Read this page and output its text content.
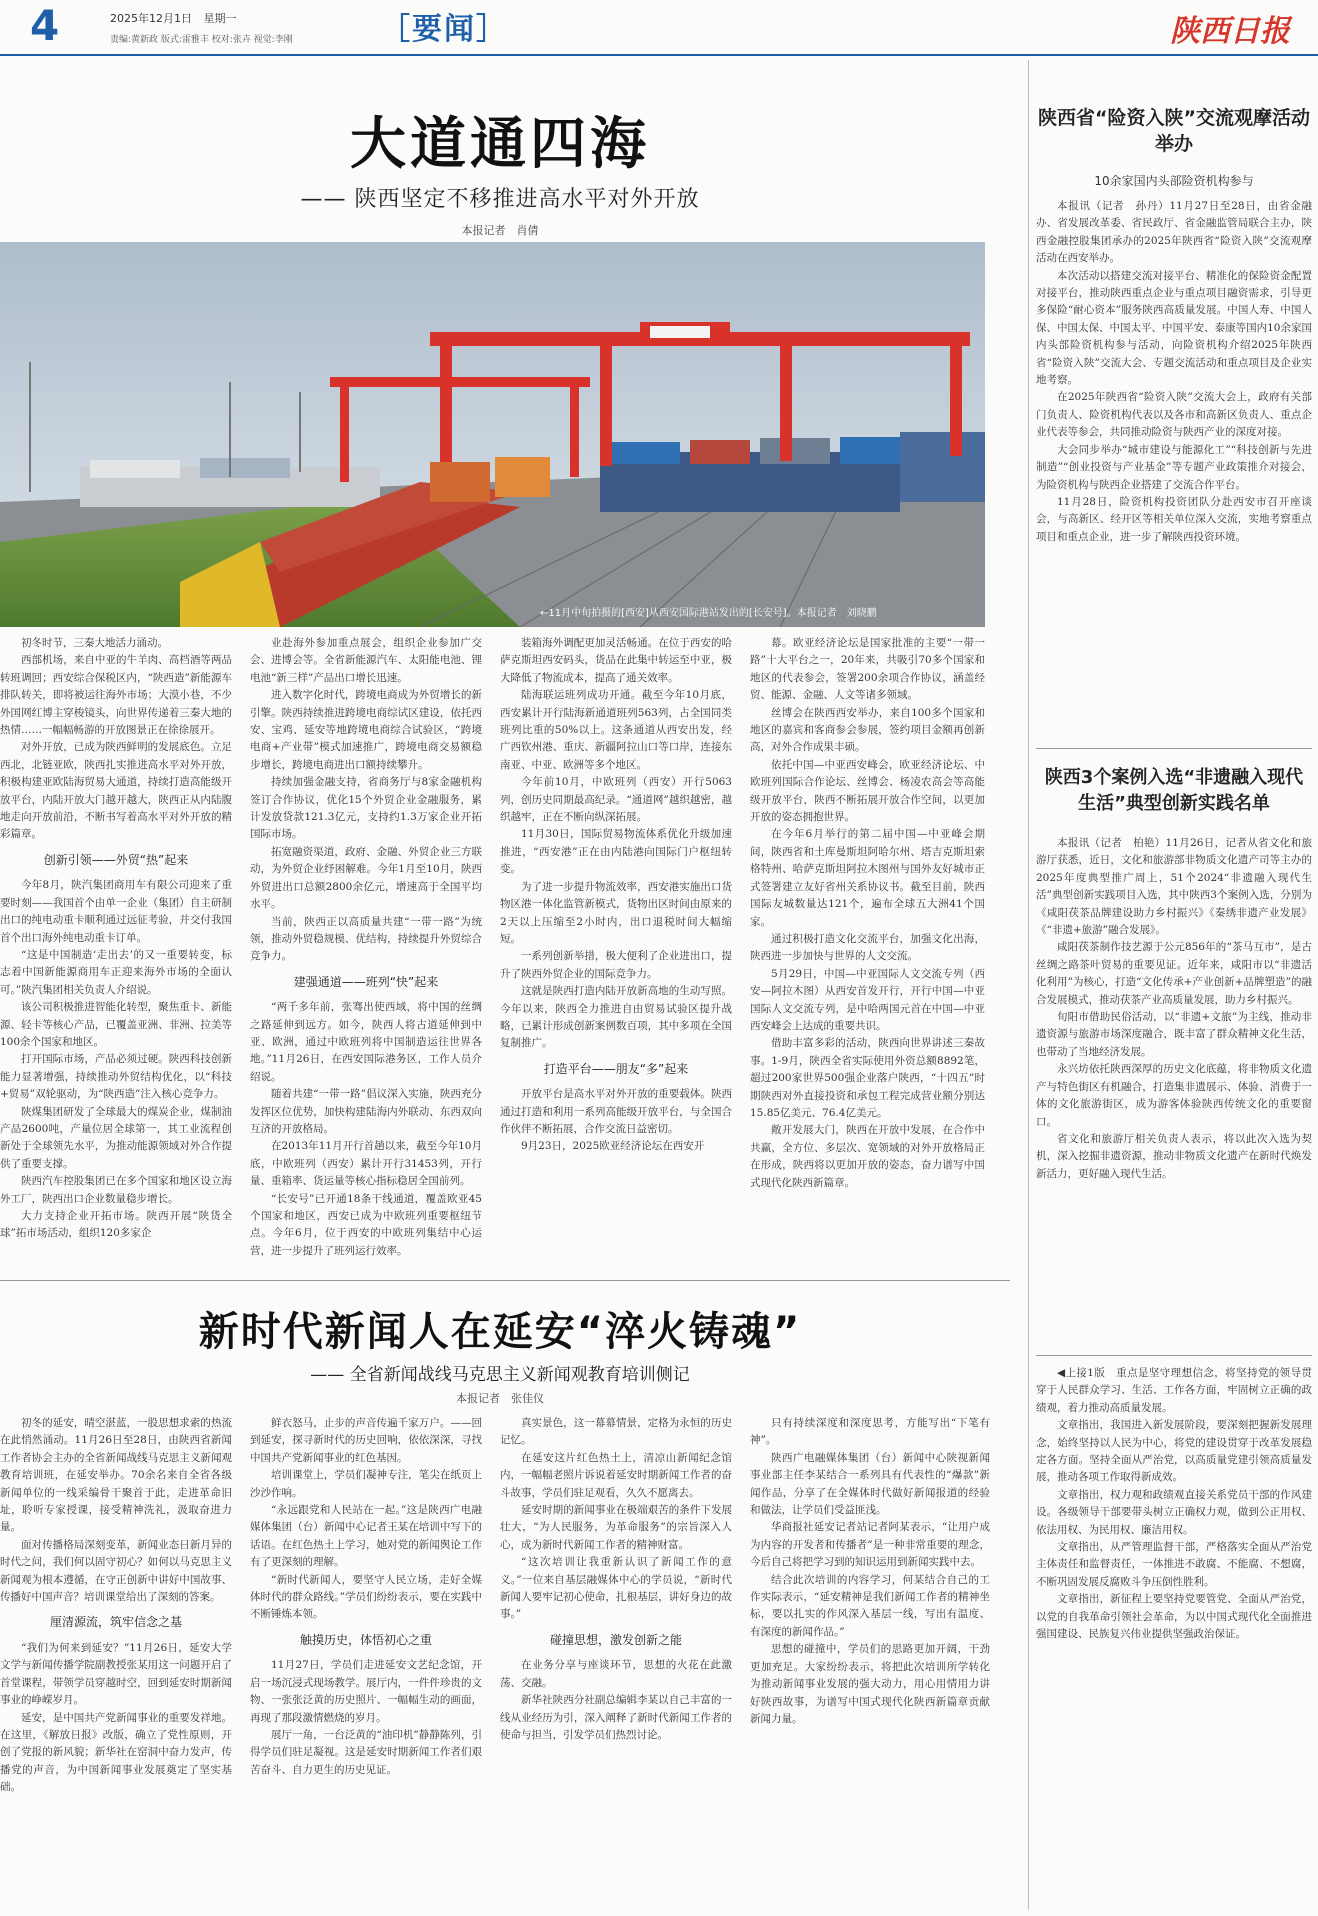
4	2025年12月1日 星期一
责编:黄新政 版式:雷雅丰 校对:张卉 视觉:李刚	［要闻］	陕西日报
大道通四海
—— 陕西坚定不移推进高水平对外开放
本报记者　肖倩
←11月中旬拍摄的[西安]从西安国际港站发出的[长安号]。本报记者　刘晓鹏

初冬时节，三秦大地活力涌动。

西部机场，来自中亚的牛羊肉、高档酒等两品转班调回；西安综合保税区内，“陕西造”新能源车排队转关，即将被运往海外市场；大漠小巷，不少外国网红博主穿梭镜头，向世界传递着三秦大地的热情……一幅幅畅游的开放图景正在徐徐展开。

对外开放，已成为陕西鲜明的发展底色。立足西北，北链亚欧，陕西扎实推进高水平对外开放，积极构建亚欧陆海贸易大通道，持续打造高能级开放平台，内陆开放大门越开越大，陕西正从内陆腹地走向开放前沿，不断书写着高水平对外开放的精彩篇章。

创新引领——外贸“热”起来

今年8月，陕汽集团商用车有限公司迎来了重要时刻——我国首个由单一企业（集团）自主研制出口的纯电动重卡顺利通过远征考验，并交付我国首个出口海外纯电动重卡订单。

“这是中国制造‘走出去’的又一重要转变，标志着中国新能源商用车正迎来海外市场的全面认可。”陕汽集团相关负责人介绍说。

该公司积极推进智能化转型，聚焦重卡、新能源、轻卡等核心产品，已覆盖亚洲、非洲、拉美等100余个国家和地区。

打开国际市场，产品必须过硬。陕西科技创新能力显著增强，持续推动外贸结构优化，以“科技+贸易”双轮驱动，为“陕西造”注入核心竞争力。

陕煤集团研发了全球最大的煤炭企业，煤制油产品2600吨，产量位居全球第一，其工业流程创新处于全球领先水平，为推动能源领域对外合作提供了重要支撑。

陕西汽车控股集团已在多个国家和地区设立海外工厂，陕西出口企业数量稳步增长。

大力支持企业开拓市场。陕西开展“陕货全球”拓市场活动，组织120多家企

业赴海外参加重点展会，组织企业参加广交会、进博会等。全省新能源汽车、太阳能电池、锂电池“新三样”产品出口增长迅速。

进入数字化时代，跨境电商成为外贸增长的新引擎。陕西持续推进跨境电商综试区建设，依托西安、宝鸡、延安等地跨境电商综合试验区，“跨境电商+产业带”模式加速推广，跨境电商交易额稳步增长，跨境电商进出口额持续攀升。

持续加强金融支持，省商务厅与8家金融机构签订合作协议，优化15个外贸企业金融服务，累计发放贷款121.3亿元，支持约1.3万家企业开拓国际市场。

拓宽融资渠道，政府、金融、外贸企业三方联动，为外贸企业纾困解难。今年1月至10月，陕西外贸进出口总额2800余亿元，增速高于全国平均水平。

当前，陕西正以高质量共建“一带一路”为统领，推动外贸稳规模、优结构，持续提升外贸综合竞争力。

建强通道——班列“快”起来

“两千多年前，张骞出使西域，将中国的丝绸之路延伸到远方。如今，陕西人将古道延伸到中亚、欧洲，通过中欧班列将中国制造运往世界各地。”11月26日，在西安国际港务区，工作人员介绍说。

随着共建“一带一路”倡议深入实施，陕西充分发挥区位优势，加快构建陆海内外联动、东西双向互济的开放格局。

在2013年11月开行首趟以来，截至今年10月底，中欧班列（西安）累计开行31453列，开行量、重箱率、货运量等核心指标稳居全国前列。

“长安号”已开通18条干线通道，覆盖欧亚45个国家和地区，西安已成为中欧班列重要枢纽节点。今年6月，位于西安的中欧班列集结中心运营，进一步提升了班列运行效率。

装箱海外调配更加灵活畅通。在位于西安的哈萨克斯坦西安码头，货品在此集中转运至中亚，极大降低了物流成本，提高了通关效率。

陆海联运班列成功开通。截至今年10月底，西安累计开行陆海新通道班列563列，占全国同类班列比重的50%以上。这条通道从西安出发，经广西钦州港、重庆、新疆阿拉山口等口岸，连接东南亚、中亚、欧洲等多个地区。

今年前10月，中欧班列（西安）开行5063列，创历史同期最高纪录。“通道网”越织越密，越织越牢，正在不断向纵深拓展。

11月30日，国际贸易物流体系优化升级加速推进，“西安港”正在由内陆港向国际门户枢纽转变。

为了进一步提升物流效率，西安港实施出口货物区港一体化监管新模式，货物出区时间由原来的2天以上压缩至2小时内，出口退税时间大幅缩短。

一系列创新举措，极大便利了企业进出口，提升了陕西外贸企业的国际竞争力。

这就是陕西打造内陆开放新高地的生动写照。今年以来，陕西全力推进自由贸易试验区提升战略，已累计形成创新案例数百项，其中多项在全国复制推广。

打造平台——朋友“多”起来

开放平台是高水平对外开放的重要载体。陕西通过打造和利用一系列高能级开放平台，与全国合作伙伴不断拓展，合作交流日益密切。

9月23日，2025欧亚经济论坛在西安开

幕。欧亚经济论坛是国家批准的主要“一带一路”十大平台之一，20年来，共吸引70多个国家和地区的代表参会，签署200余项合作协议，涵盖经贸、能源、金融、人文等诸多领域。

丝博会在陕西西安举办，来自100多个国家和地区的嘉宾和客商参会参展，签约项目金额再创新高，对外合作成果丰硕。

依托中国—中亚西安峰会，欧亚经济论坛、中欧班列国际合作论坛、丝博会、杨凌农高会等高能级开放平台，陕西不断拓展开放合作空间，以更加开放的姿态拥抱世界。

在今年6月举行的第二届中国—中亚峰会期间，陕西省和土库曼斯坦阿哈尔州、塔吉克斯坦索格特州、哈萨克斯坦阿拉木图州与国外友好城市正式签署建立友好省州关系协议书。截至目前，陕西国际友城数量达121个，遍布全球五大洲41个国家。

通过积极打造文化交流平台，加强文化出海，陕西进一步加快与世界的人文交流。

5月29日，中国—中亚国际人文交流专列（西安—阿拉木图）从西安首发开行，开行中国—中亚国际人文交流专列，是中哈两国元首在中国—中亚西安峰会上达成的重要共识。

借助丰富多彩的活动，陕西向世界讲述三秦故事。1-9月，陕西全省实际使用外资总额8892笔，超过200家世界500强企业落户陕西，“十四五”时期陕西对外直接投资和承包工程完成营业额分别达15.85亿美元、76.4亿美元。

敞开发展大门，陕西在开放中发展，在合作中共赢，全方位、多层次、宽领域的对外开放格局正在形成，陕西将以更加开放的姿态，奋力谱写中国式现代化陕西新篇章。

新时代新闻人在延安“淬火铸魂”
—— 全省新闻战线马克思主义新闻观教育培训侧记
本报记者　张佳仪

初冬的延安，晴空湛蓝，一股思想求索的热流在此悄然涌动。11月26日至28日，由陕西省新闻工作者协会主办的全省新闻战线马克思主义新闻观教育培训班，在延安举办。70余名来自全省各级新闻单位的一线采编骨干聚首于此，走进革命旧址，聆听专家授课，接受精神洗礼，汲取奋进力量。

面对传播格局深刻变革，新闻业态日新月异的时代之问，我们何以固守初心？如何以马克思主义新闻观为根本遵循，在守正创新中讲好中国故事、传播好中国声音？培训课堂给出了深刻的答案。

厘清源流，筑牢信念之基

“我们为何来到延安？”11月26日，延安大学文学与新闻传播学院副教授张某用这一问题开启了首堂课程，带领学员穿越时空，回到延安时期新闻事业的峥嵘岁月。

延安，是中国共产党新闻事业的重要发祥地。在这里，《解放日报》改版，确立了党性原则，开创了党报的新风貌；新华社在窑洞中奋力发声，传播党的声音，为中国新闻事业发展奠定了坚实基础。

鲜衣怒马，止步的声音传遍千家万户。——回到延安，探寻新时代的历史回响，依依深深，寻找中国共产党新闻事业的红色基因。

培训课堂上，学员们凝神专注，笔尖在纸页上沙沙作响。

“永远跟党和人民站在一起。”这是陕西广电融媒体集团（台）新闻中心记者王某在培训中写下的话语。在红色热土上学习，她对党的新闻舆论工作有了更深刻的理解。

“新时代新闻人，要坚守人民立场，走好全媒体时代的群众路线。”学员们纷纷表示，要在实践中不断锤炼本领。

触摸历史，体悟初心之重

11月27日，学员们走进延安文艺纪念馆，开启一场沉浸式现场教学。展厅内，一件件珍贵的文物、一张张泛黄的历史照片、一幅幅生动的画面，再现了那段激情燃烧的岁月。

展厅一角，一台泛黄的“油印机”静静陈列，引得学员们驻足凝视。这是延安时期新闻工作者们艰苦奋斗、自力更生的历史见证。

真实景色，这一幕幕情景，定格为永恒的历史记忆。

在延安这片红色热土上，清凉山新闻纪念馆内，一幅幅老照片诉说着延安时期新闻工作者的奋斗故事，学员们驻足观看，久久不愿离去。

延安时期的新闻事业在极端艰苦的条件下发展壮大，“为人民服务，为革命服务”的宗旨深入人心，成为新时代新闻工作者的精神财富。

“这次培训让我重新认识了新闻工作的意义。”一位来自基层融媒体中心的学员说，“新时代新闻人要牢记初心使命，扎根基层，讲好身边的故事。”

碰撞思想，激发创新之能

在业务分享与座谈环节，思想的火花在此激荡、交融。

新华社陕西分社副总编辑李某以自己丰富的一线从业经历为引，深入阐释了新时代新闻工作者的使命与担当，引发学员们热烈讨论。

只有持续深度和深度思考，方能写出“下笔有神”。

陕西广电融媒体集团（台）新闻中心陕视新闻事业部主任李某结合一系列具有代表性的“爆款”新闻作品，分享了在全媒体时代做好新闻报道的经验和做法，让学员们受益匪浅。

华商报社延安记者站记者阿某表示，“让用户成为内容的开发者和传播者”是一种非常重要的理念，今后自己将把学习到的知识运用到新闻实践中去。

结合此次培训的内容学习，何某结合自己的工作实际表示，“延安精神是我们新闻工作者的精神坐标，要以扎实的作风深入基层一线，写出有温度、有深度的新闻作品。”

思想的碰撞中，学员们的思路更加开阔，干劲更加充足。大家纷纷表示，将把此次培训所学转化为推动新闻事业发展的强大动力，用心用情用力讲好陕西故事，为谱写中国式现代化陕西新篇章贡献新闻力量。

陕西省“险资入陕”交流观摩活动举办
10余家国内头部险资机构参与

本报讯（记者　孙丹）11月27日至28日，由省金融办、省发展改革委、省民政厅、省金融监管局联合主办，陕西金融控股集团承办的2025年陕西省“险资入陕”交流观摩活动在西安举办。

本次活动以搭建交流对接平台、精准化的保险资金配置对接平台，推动陕西重点企业与重点项目融资需求，引导更多保险“耐心资本”服务陕西高质量发展。中国人寿、中国人保、中国太保、中国太平、中国平安、泰康等国内10余家国内头部险资机构参与活动，向险资机构介绍2025年陕西省“险资入陕”交流大会、专题交流活动和重点项目及企业实地考察。

在2025年陕西省“险资入陕”交流大会上，政府有关部门负责人、险资机构代表以及各市和高新区负责人、重点企业代表等参会，共同推动险资与陕西产业的深度对接。

大会同步举办“城市建设与能源化工”“科技创新与先进制造”“创业投资与产业基金”等专题产业政策推介对接会，为险资机构与陕西企业搭建了交流合作平台。

11月28日，险资机构投资团队分赴西安市召开座谈会，与高新区、经开区等相关单位深入交流，实地考察重点项目和重点企业，进一步了解陕西投资环境。

陕西3个案例入选“非遗融入现代生活”典型创新实践名单

本报讯（记者　柏艳）11月26日，记者从省文化和旅游厅获悉，近日，文化和旅游部非物质文化遗产司等主办的2025年度典型推广周上，51个2024“非遗融入现代生活”典型创新实践项目入选，其中陕西3个案例入选，分别为《咸阳茯茶品牌建设助力乡村振兴》《秦绣非遗产业发展》《“非遗+旅游”融合发展》。

咸阳茯茶制作技艺源于公元856年的“茶马互市”，是古丝绸之路茶叶贸易的重要见证。近年来，咸阳市以“非遗活化利用”为核心，打造“文化传承+产业创新+品牌塑造”的融合发展模式，推动茯茶产业高质量发展，助力乡村振兴。

旬阳市借助民俗活动，以“非遗+文旅”为主线，推动非遗资源与旅游市场深度融合，既丰富了群众精神文化生活，也带动了当地经济发展。

永兴坊依托陕西深厚的历史文化底蕴，将非物质文化遗产与特色街区有机融合，打造集非遗展示、体验、消费于一体的文化旅游街区，成为游客体验陕西传统文化的重要窗口。

省文化和旅游厅相关负责人表示，将以此次入选为契机，深入挖掘非遗资源，推动非物质文化遗产在新时代焕发新活力，更好融入现代生活。

◀上接1版　重点是坚守理想信念，将坚持党的领导贯穿于人民群众学习、生活、工作各方面，牢固树立正确的政绩观，着力推动高质量发展。

文章指出，我国进入新发展阶段，要深刻把握新发展理念，始终坚持以人民为中心，将党的建设贯穿于改革发展稳定各方面。坚持全面从严治党，以高质量党建引领高质量发展，推动各项工作取得新成效。

文章指出，权力观和政绩观直接关系党员干部的作风建设。各级领导干部要带头树立正确权力观，做到公正用权、依法用权、为民用权、廉洁用权。

文章指出，从严管理监督干部，严格落实全面从严治党主体责任和监督责任，一体推进不敢腐、不能腐、不想腐，不断巩固发展反腐败斗争压倒性胜利。

文章指出，新征程上要坚持党要管党、全面从严治党，以党的自我革命引领社会革命，为以中国式现代化全面推进强国建设、民族复兴伟业提供坚强政治保证。
